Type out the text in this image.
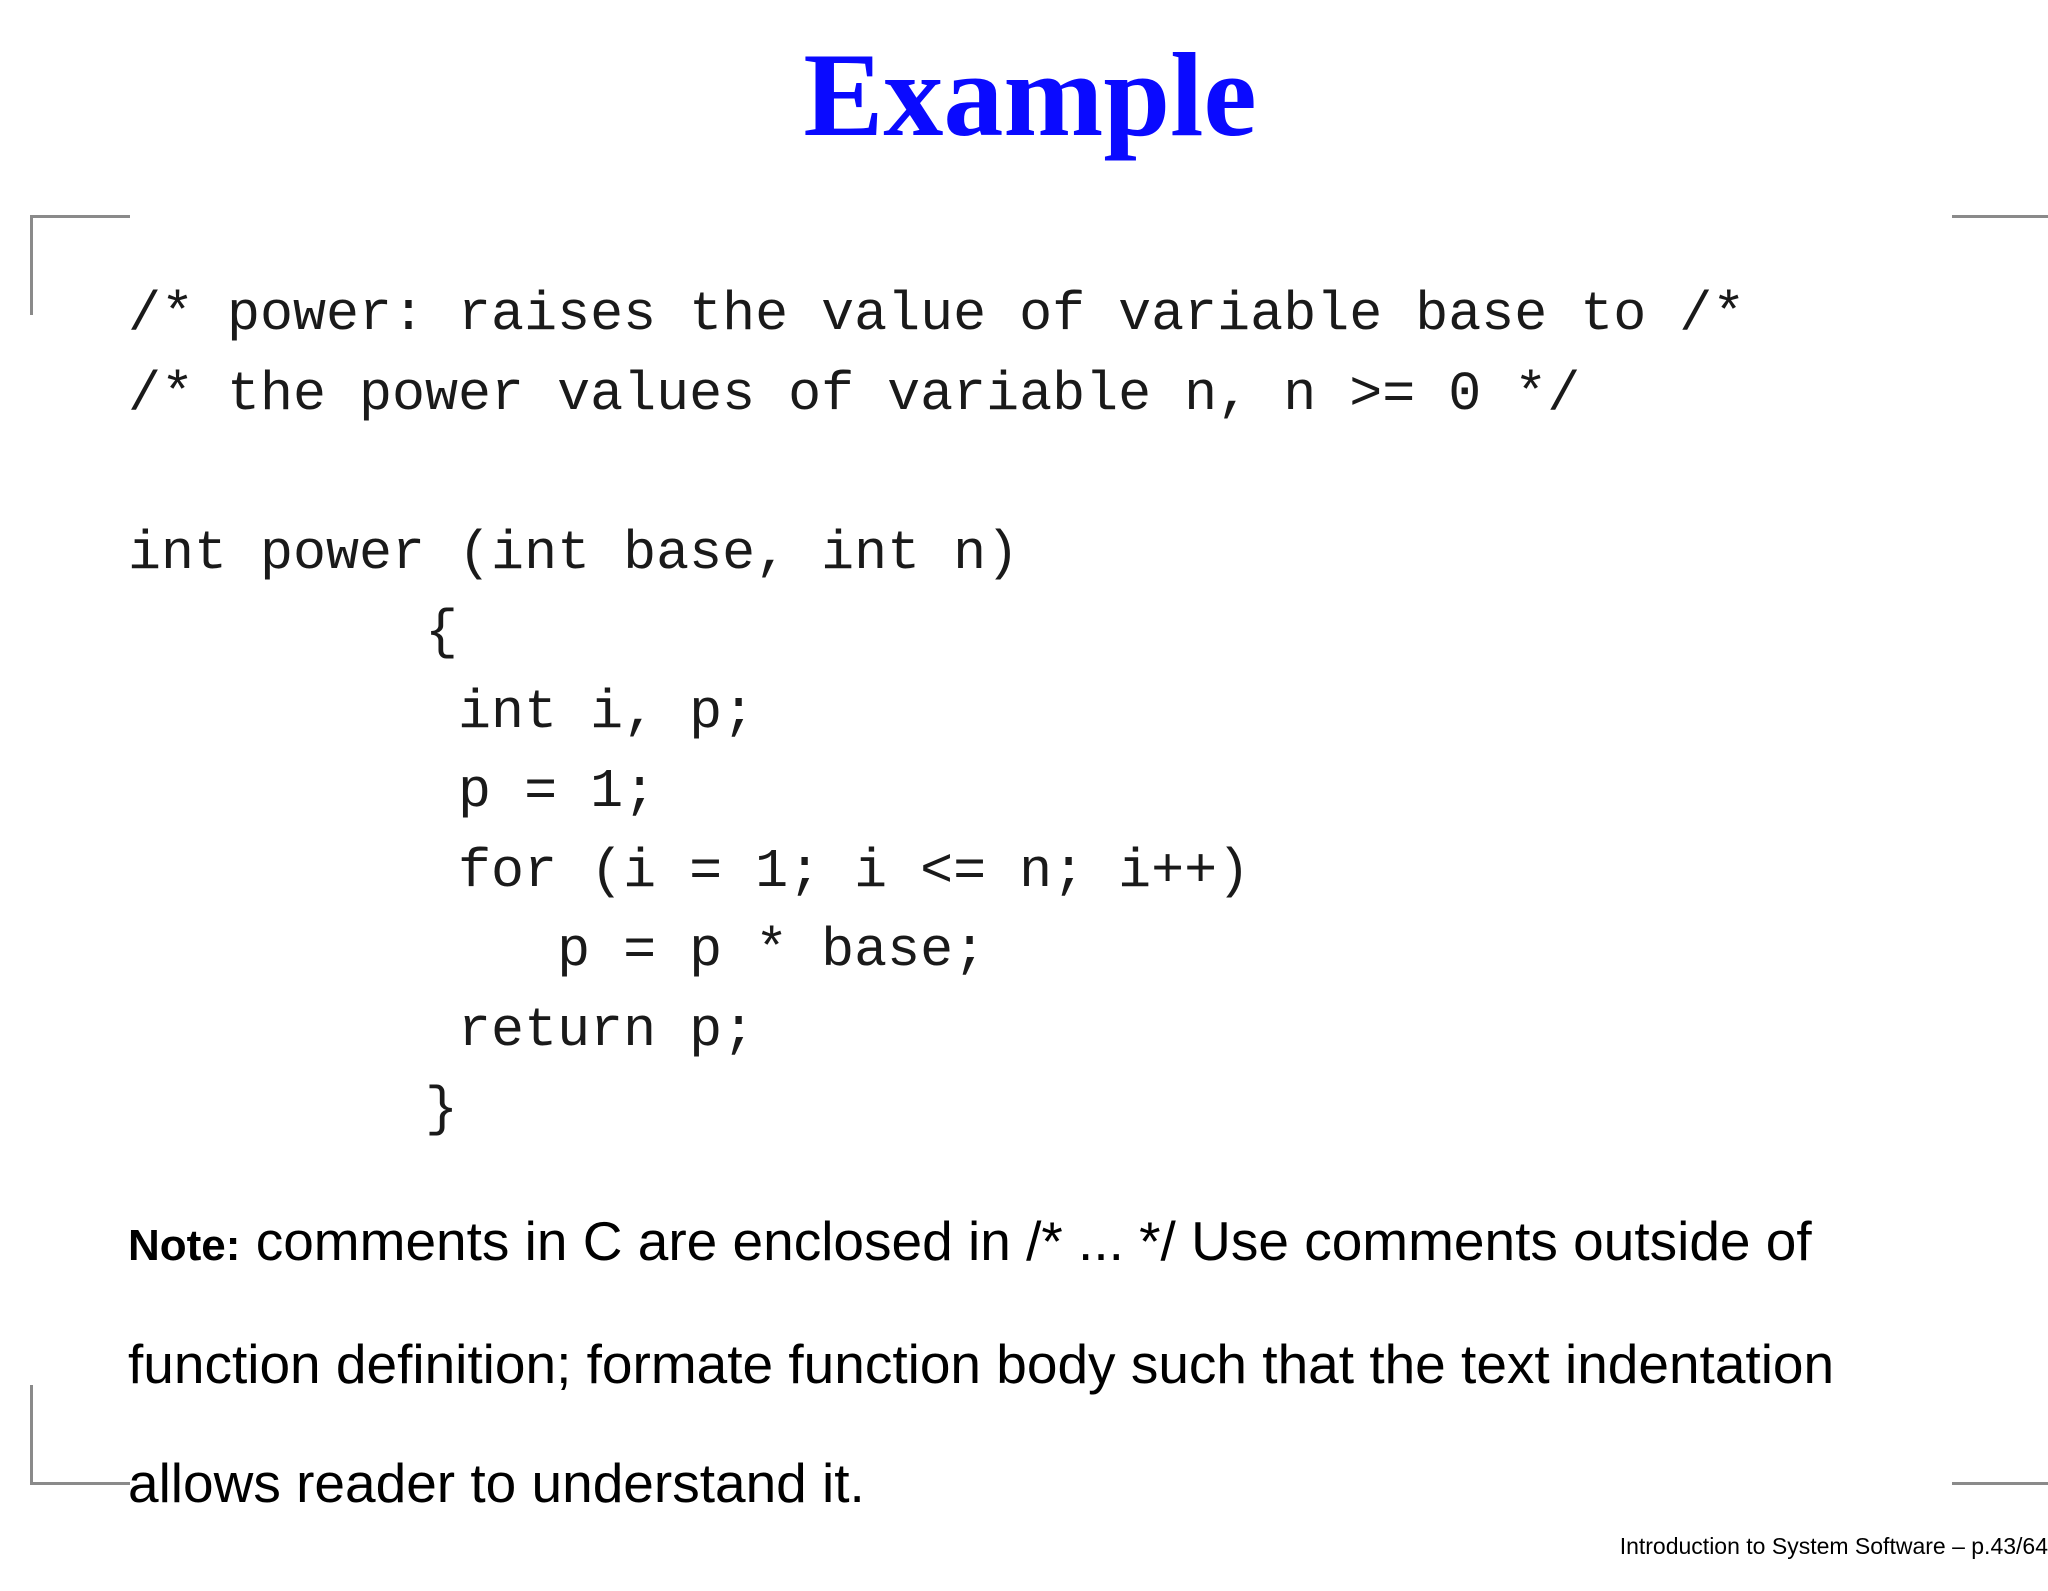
Example
/* power: raises the value of variable base to /*
/* the power values of variable n, n >= 0 */
int power (int base, int n)
{
int i, p;
p = 1;
for (i = 1; i <= n; i++)
p = p * base;
return p;
}

Note: comments in C are enclosed in /* ... */ Use comments outside of function definition; formate function body such that the text indentation allows reader to understand it.

Introduction to System Software – p.43/64
